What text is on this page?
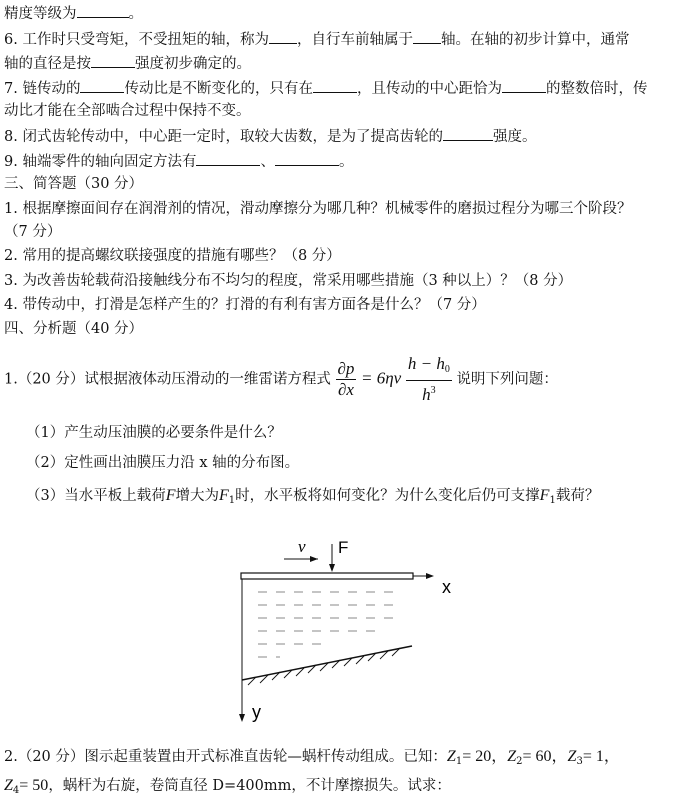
精度等级为	。
6. 工作时只受弯矩，不受扭矩的轴，称为 ，自行车前轴属于 轴。在轴的初步计算中，通常
轴的直径是按	强度初步确定的。
7. 链传动的	传动比是不断变化的，只有在	，且传动的中心距恰为	的整数倍时，传
动比才能在全部啮合过程中保持不变。
8. 闭式齿轮传动中，中心距一定时，取较大齿数，是为了提高齿轮的	强度。
9. 轴端零件的轴向固定方法有	、	。
三、简答题（30 分）
1. 根据摩擦面间存在润滑剂的情况，滑动摩擦分为哪几种？机械零件的磨损过程分为哪三个阶段？
（7 分）
2. 常用的提高螺纹联接强度的措施有哪些？（8 分）
3. 为改善齿轮载荷沿接触线分布不均匀的程度，常采用哪些措施（3 种以上）？（8 分）
4. 带传动中，打滑是怎样产生的？打滑的有利有害方面各是什么？（7 分）
四、分析题（40 分）
1.（20 分）试根据液体动压滑动的一维雷诺方程式 $\frac{\partial p}{\partial x} = 6\eta v \frac{h - h_0}{h^3}$ 说明下列问题：
（1）产生动压油膜的必要条件是什么？
（2）定性画出油膜压力沿 x 轴的分布图。
（3）当水平板上载荷F增大为$F_1$时，水平板将如何变化？为什么变化后仍可支撑$F_1$载荷？
v F
x
y
2.（20 分）图示起重装置由开式标准直齿轮—蜗杆传动组成。已知：$Z_1= 20$，$Z_2= 60$，$Z_3= 1$，
$Z_4= 50$，蜗杆为右旋，卷筒直径 D=400mm，不计摩擦损失。试求：
